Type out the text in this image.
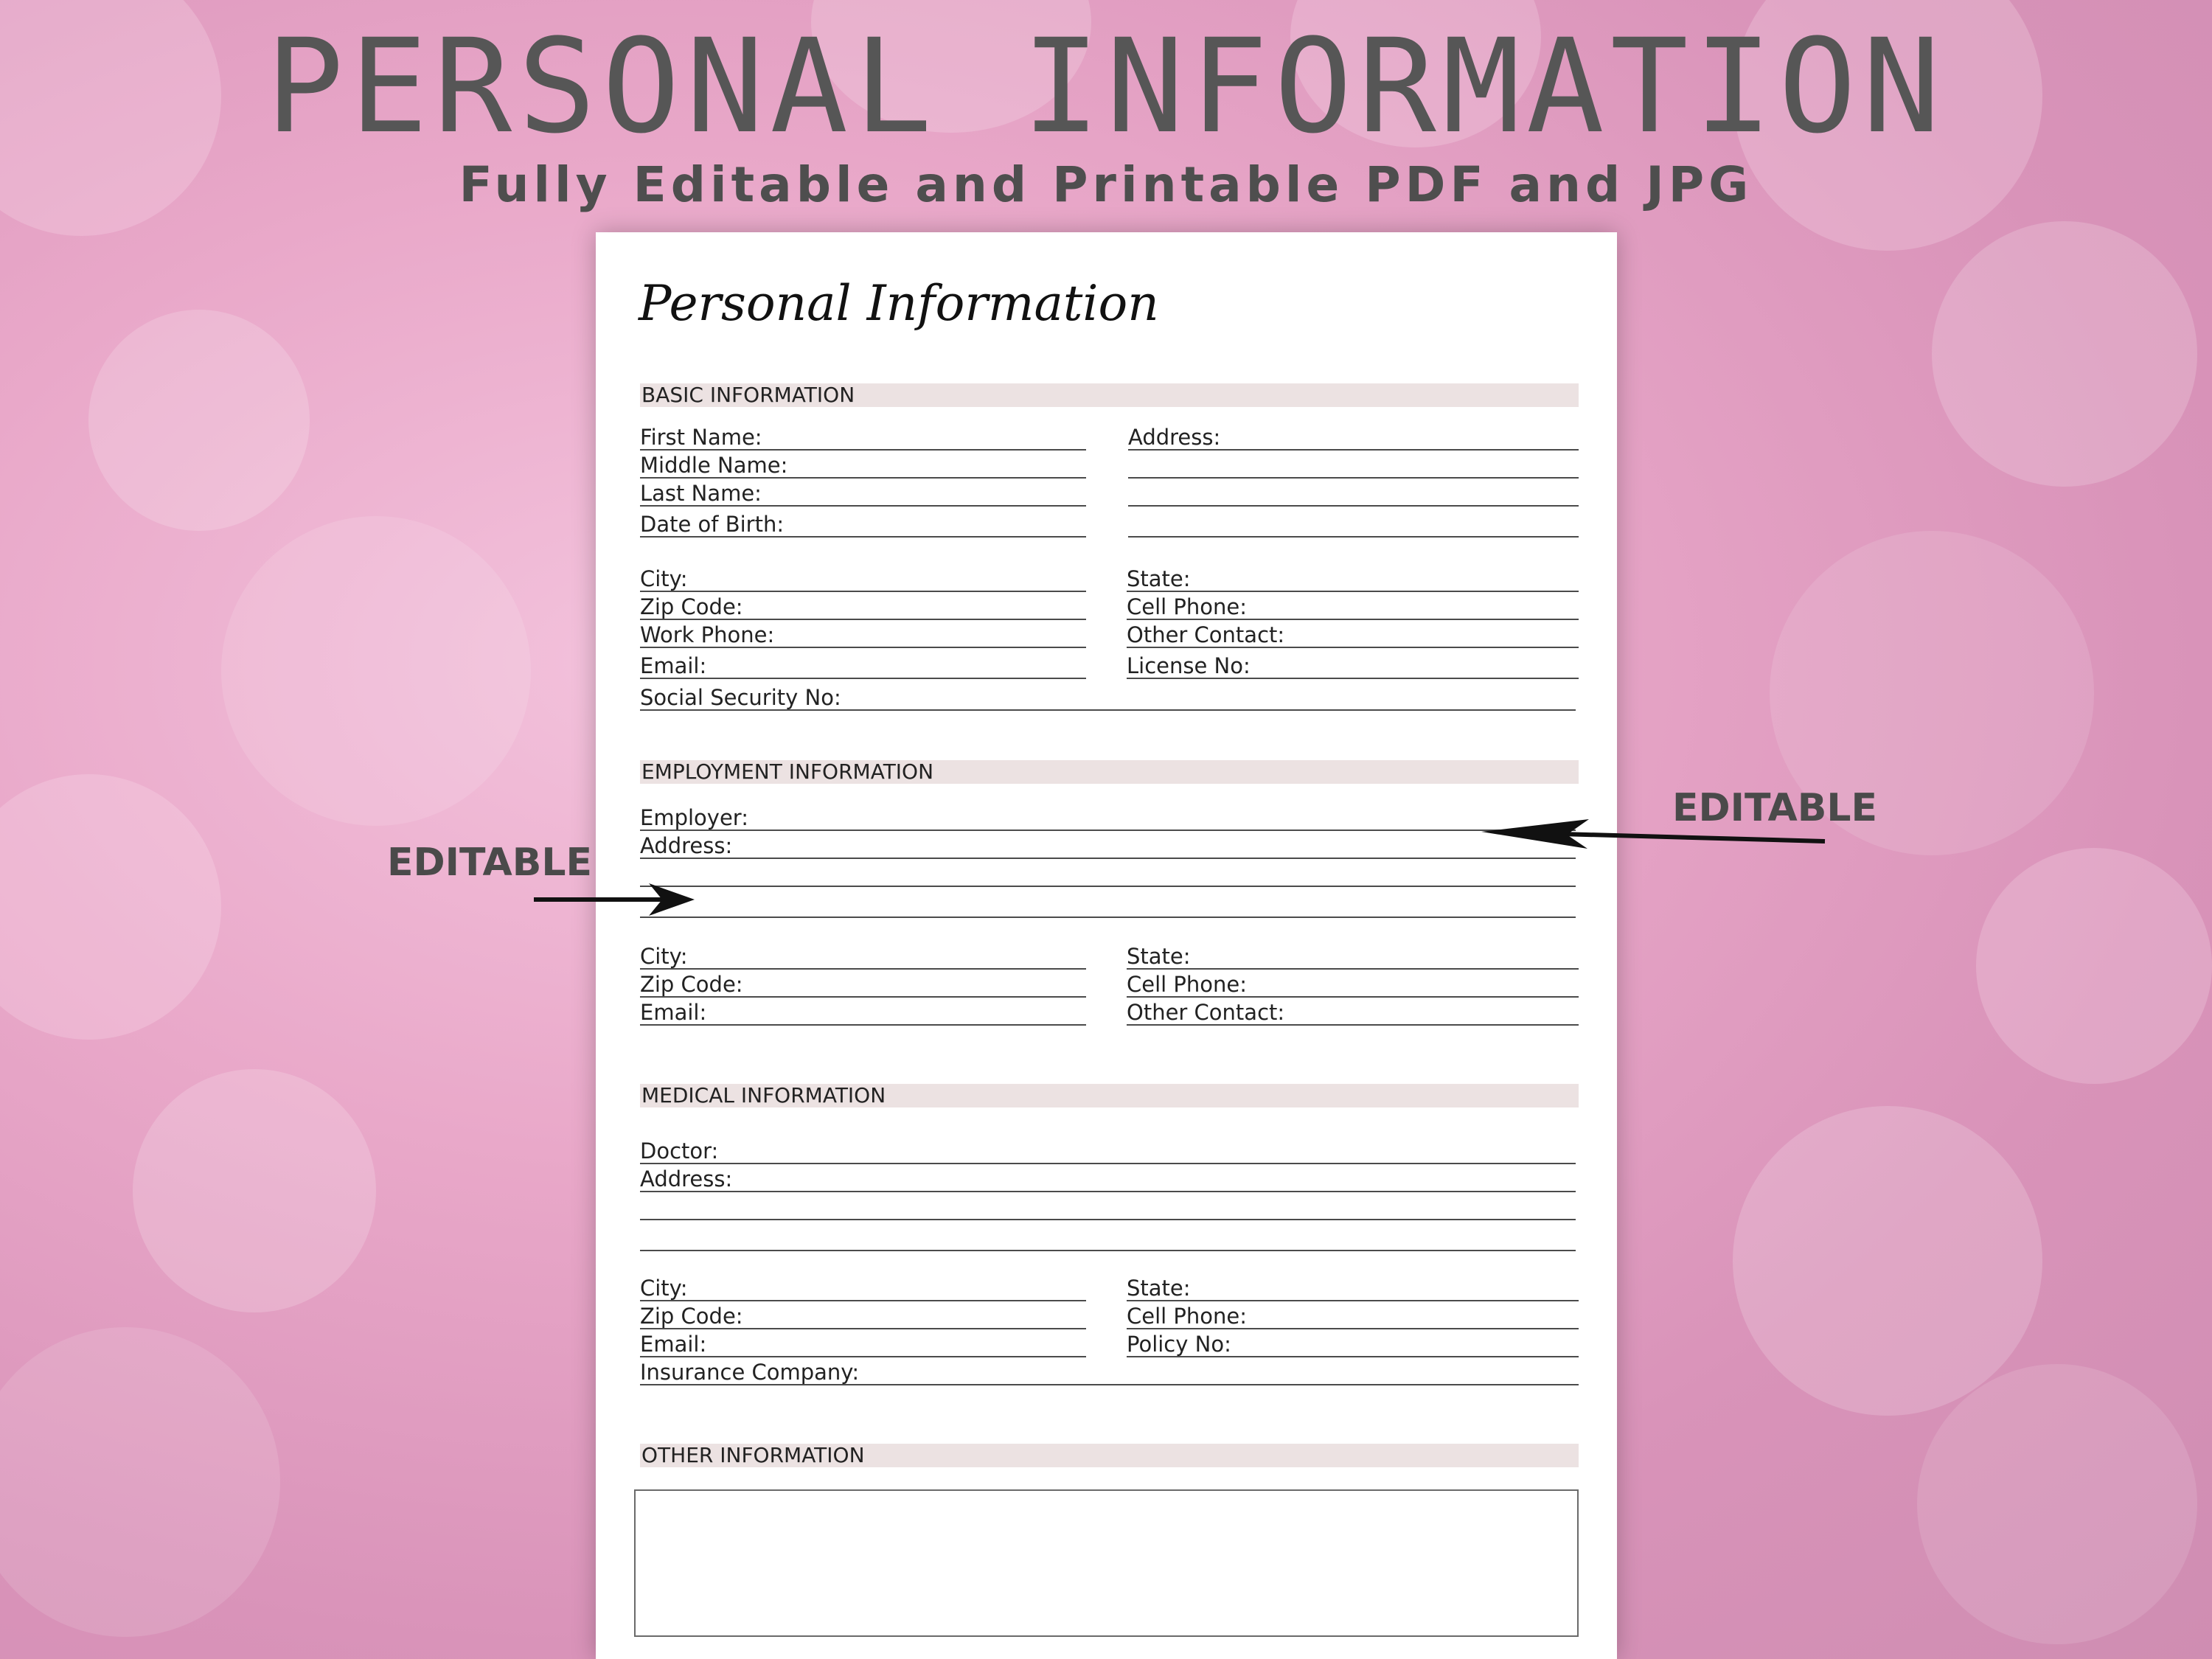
PERSONAL INFORMATION
Fully Editable and Printable PDF and JPG
Personal Information
BASIC INFORMATION
First Name:
Middle Name:
Last Name:
Date of Birth:
Address:
City:
Zip Code:
Work Phone:
Email:
State:
Cell Phone:
Other Contact:
License No:
Social Security No:
EMPLOYMENT INFORMATION
Employer:
Address:
City:
Zip Code:
Email:
State:
Cell Phone:
Other Contact:
MEDICAL INFORMATION
Doctor:
Address:
City:
Zip Code:
Email:
State:
Cell Phone:
Policy No:
Insurance Company:
OTHER INFORMATION
EDITABLE
EDITABLE
